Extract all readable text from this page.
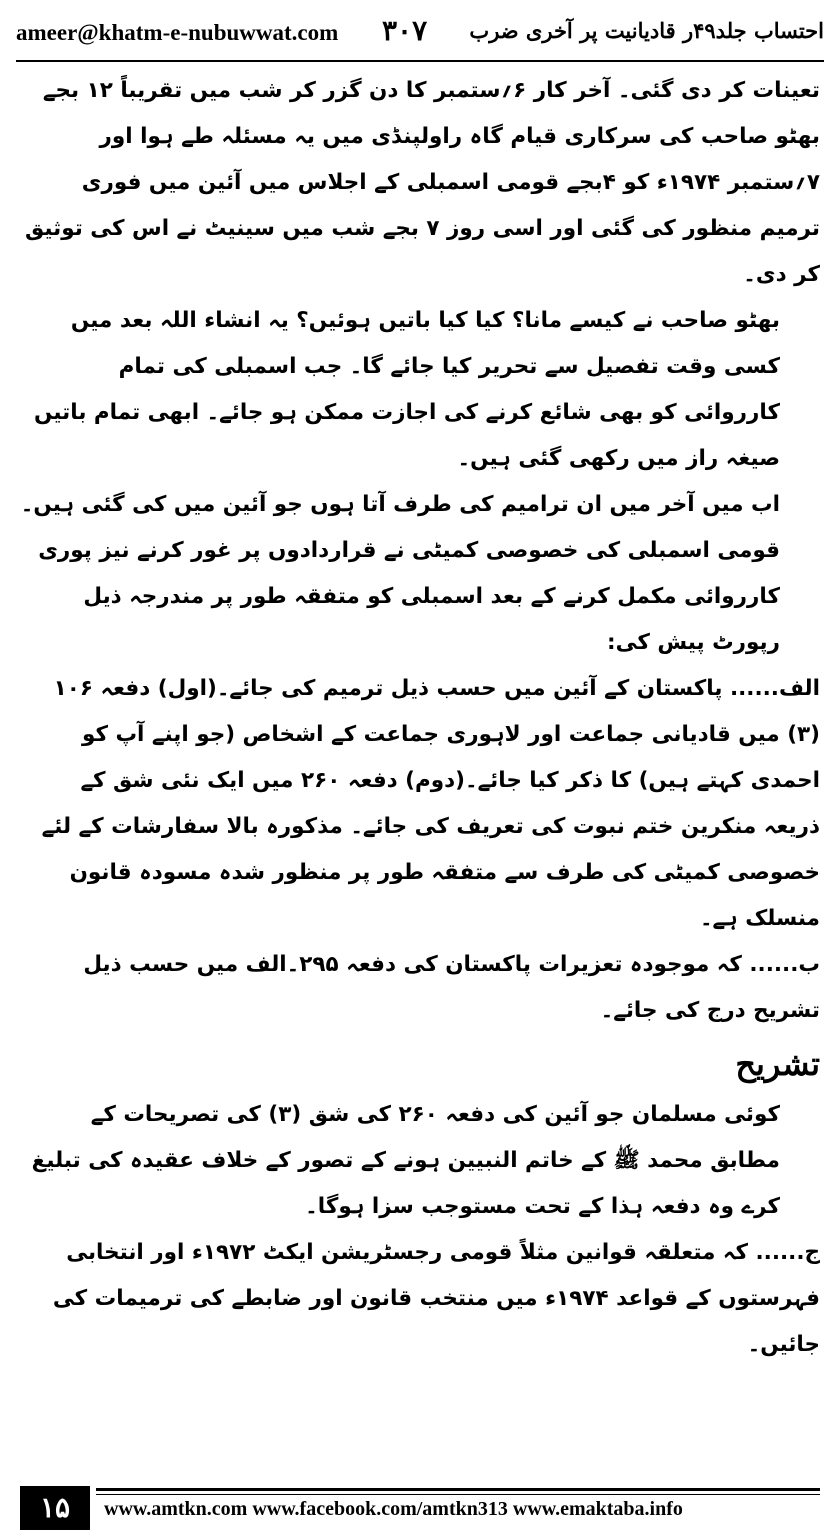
ameer@khatm-e-nubuwwat.com ۳۰۷ احتساب جلد۴۹ر قادیانیت پر آخری ضرب

تعینات کر دی گئی۔ آخر کار ۶؍ستمبر کا دن گزر کر شب میں تقریباً ۱۲ بجے بھٹو صاحب کی سرکاری قیام گاہ راولپنڈی میں یہ مسئلہ طے ہوا اور ۷؍ستمبر ۱۹۷۴ء کو ۴بجے قومی اسمبلی کے اجلاس میں آئین میں فوری ترمیم منظور کی گئی اور اسی روز ۷ بجے شب میں سینیٹ نے اس کی توثیق کر دی۔

بھٹو صاحب نے کیسے مانا؟ کیا کیا باتیں ہوئیں؟ یہ انشاء اللہ بعد میں کسی وقت تفصیل سے تحریر کیا جائے گا۔ جب اسمبلی کی تمام کارروائی کو بھی شائع کرنے کی اجازت ممکن ہو جائے۔ ابھی تمام باتیں صیغہ راز میں رکھی گئی ہیں۔

اب میں آخر میں ان ترامیم کی طرف آتا ہوں جو آئین میں کی گئی ہیں۔ قومی اسمبلی کی خصوصی کمیٹی نے قراردادوں پر غور کرنے نیز پوری کارروائی مکمل کرنے کے بعد اسمبلی کو متفقہ طور پر مندرجہ ذیل رپورٹ پیش کی:

الف...... پاکستان کے آئین میں حسب ذیل ترمیم کی جائے۔(اول) دفعہ ۱۰۶ (۳) میں قادیانی جماعت اور لاہوری جماعت کے اشخاص (جو اپنے آپ کو احمدی کہتے ہیں) کا ذکر کیا جائے۔(دوم) دفعہ ۲۶۰ میں ایک نئی شق کے ذریعہ منکرین ختم نبوت کی تعریف کی جائے۔ مذکورہ بالا سفارشات کے لئے خصوصی کمیٹی کی طرف سے متفقہ طور پر منظور شدہ مسودہ قانون منسلک ہے۔

ب...... کہ موجودہ تعزیرات پاکستان کی دفعہ ۲۹۵۔الف میں حسب ذیل تشریح درج کی جائے۔

تشریح

کوئی مسلمان جو آئین کی دفعہ ۲۶۰ کی شق (۳) کی تصریحات کے مطابق محمد ﷺ کے خاتم النبیین ہونے کے تصور کے خلاف عقیدہ کی تبلیغ کرے وہ دفعہ ہذا کے تحت مستوجب سزا ہوگا۔

ج...... کہ متعلقہ قوانین مثلاً قومی رجسٹریشن ایکٹ ۱۹۷۲ء اور انتخابی فہرستوں کے قواعد ۱۹۷۴ء میں منتخب قانون اور ضابطے کی ترمیمات کی جائیں۔

۱۵	www.amtkn.com www.facebook.com/amtkn313 www.emaktaba.info
